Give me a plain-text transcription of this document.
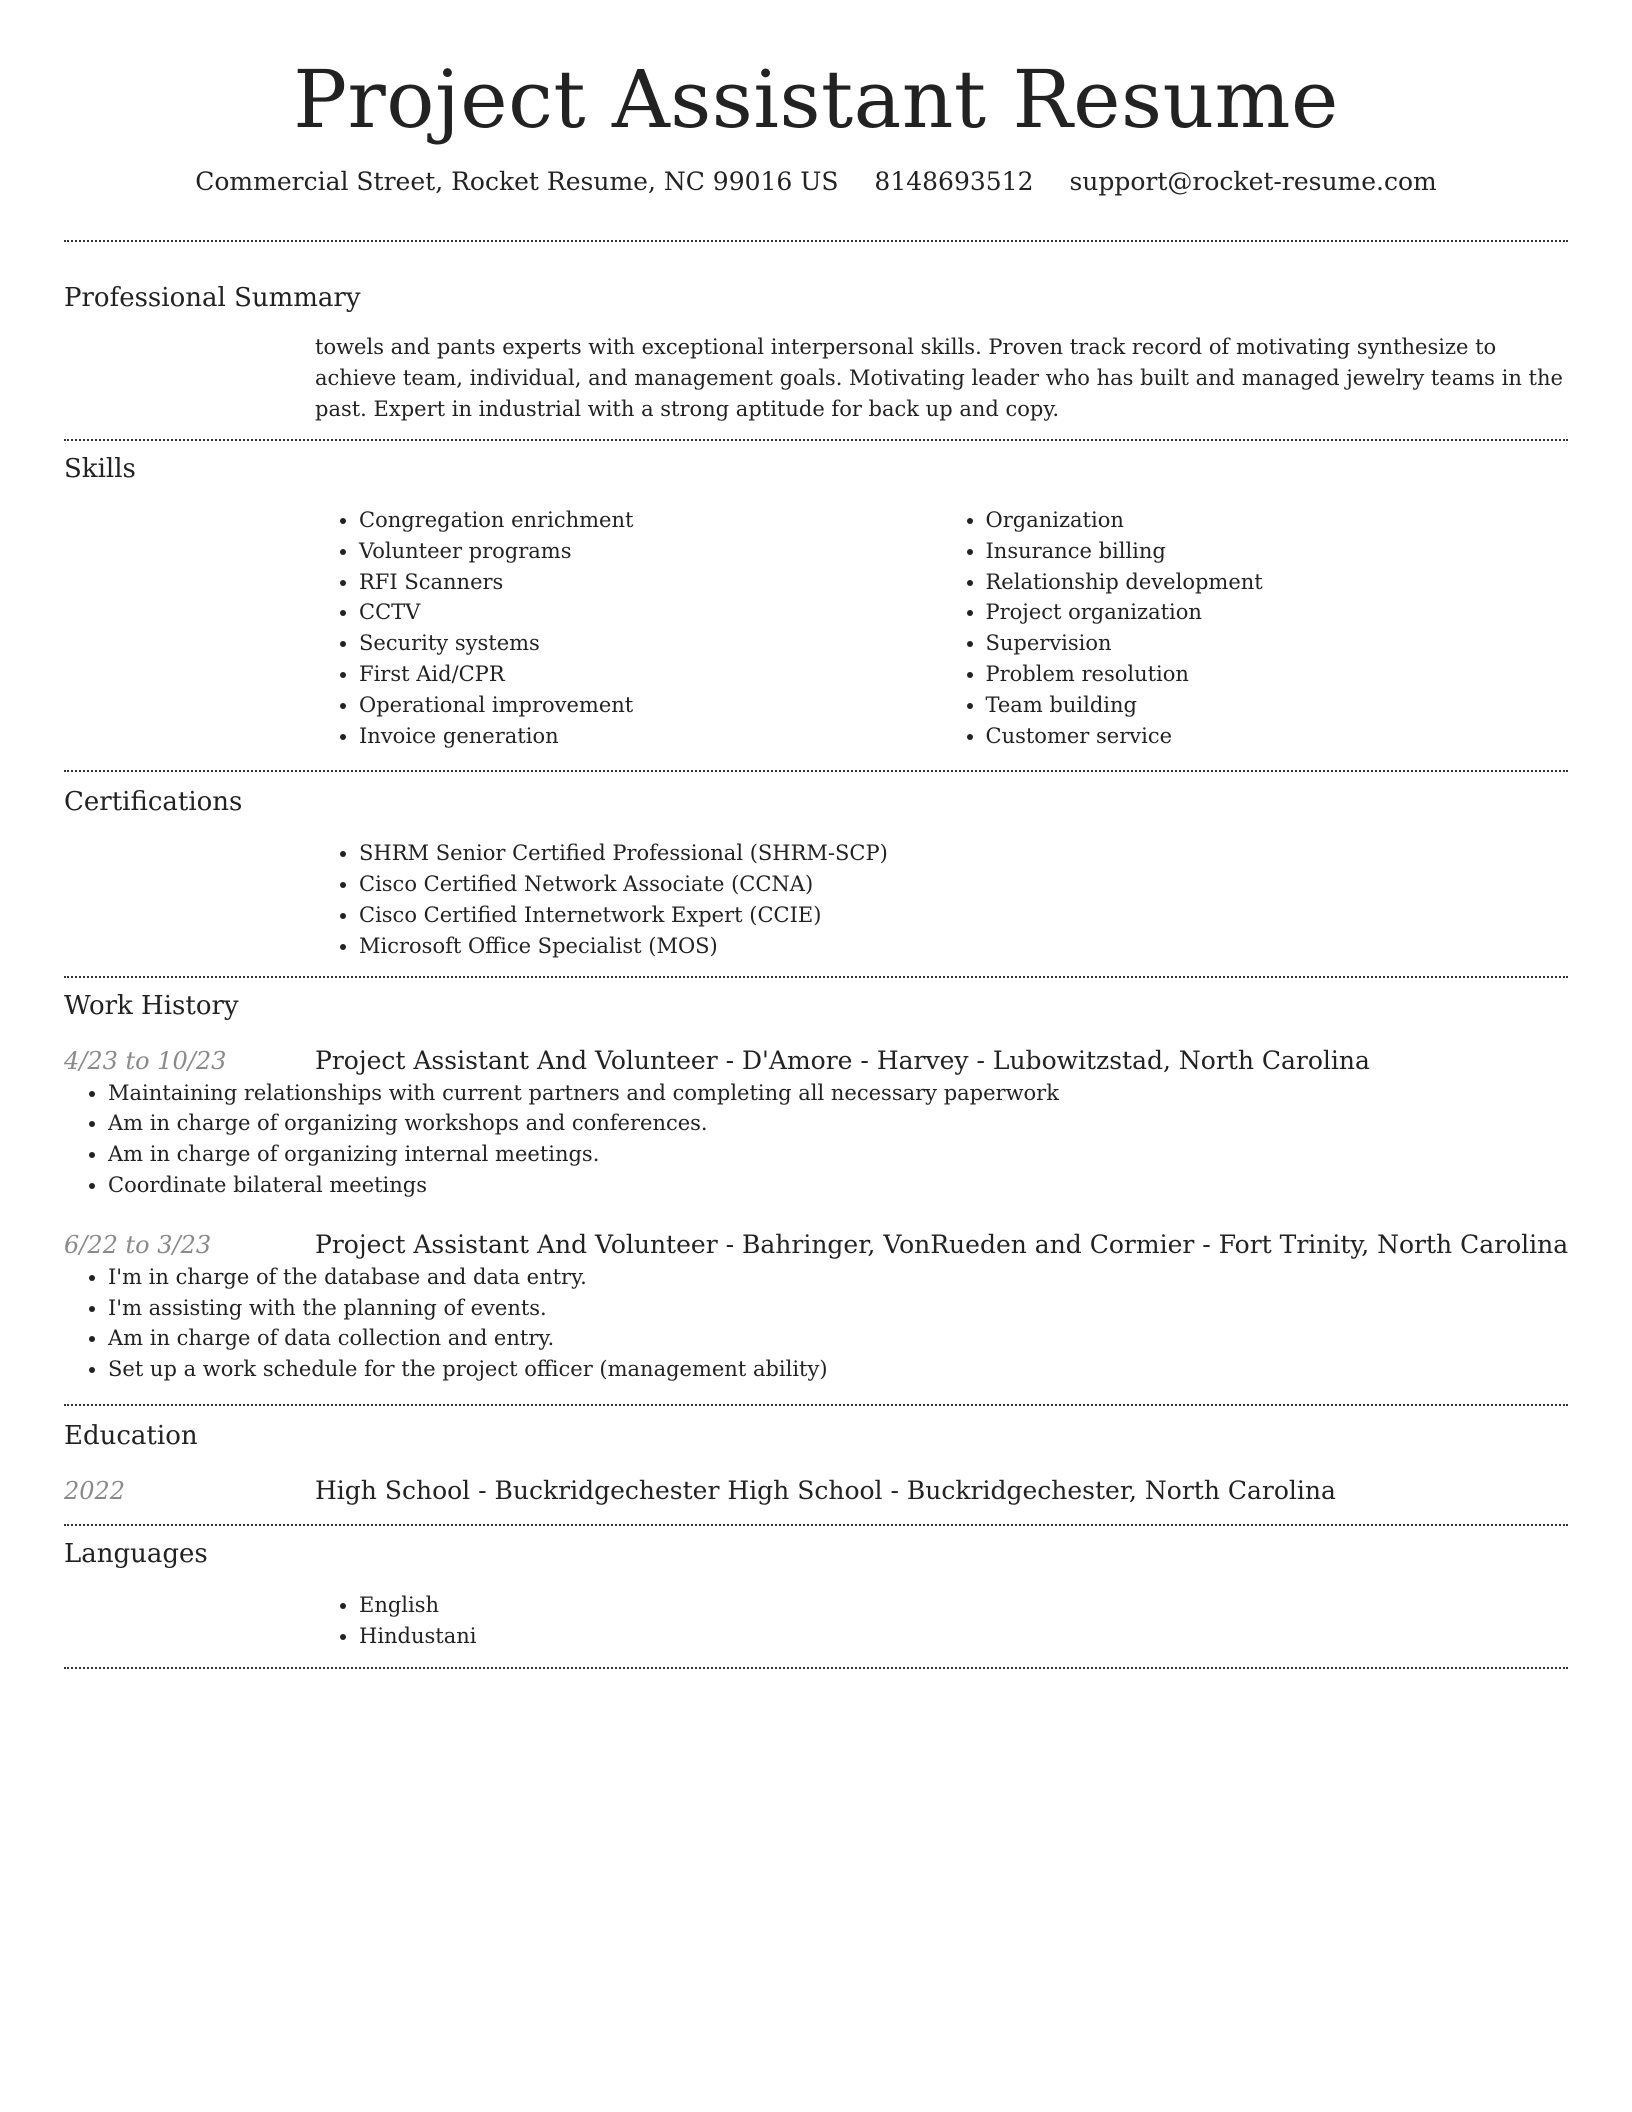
Project Assistant Resume
Commercial Street, Rocket Resume, NC 99016 US 8148693512 support@rocket-resume.com
Professional Summary

towels and pants experts with exceptional interpersonal skills. Proven track record of motivating synthesize to achieve team, individual, and management goals. Motivating leader who has built and managed jewelry teams in the past. Expert in industrial with a strong aptitude for back up and copy.

Skills
• Congregation enrichment
• Volunteer programs
• RFI Scanners
• CCTV
• Security systems
• First Aid/CPR
• Operational improvement
• Invoice generation
• Organization
• Insurance billing
• Relationship development
• Project organization
• Supervision
• Problem resolution
• Team building
• Customer service
Certifications
• SHRM Senior Certified Professional (SHRM-SCP)
• Cisco Certified Network Associate (CCNA)
• Cisco Certified Internetwork Expert (CCIE)
• Microsoft Office Specialist (MOS)
Work History
4/23 to 10/23	Project Assistant And Volunteer - D'Amore - Harvey - Lubowitzstad, North Carolina
• Maintaining relationships with current partners and completing all necessary paperwork
• Am in charge of organizing workshops and conferences.
• Am in charge of organizing internal meetings.
• Coordinate bilateral meetings
6/22 to 3/23	Project Assistant And Volunteer - Bahringer, VonRueden and Cormier - Fort Trinity, North Carolina
• I'm in charge of the database and data entry.
• I'm assisting with the planning of events.
• Am in charge of data collection and entry.
• Set up a work schedule for the project officer (management ability)
Education
2022	High School - Buckridgechester High School - Buckridgechester, North Carolina
Languages
• English
• Hindustani
